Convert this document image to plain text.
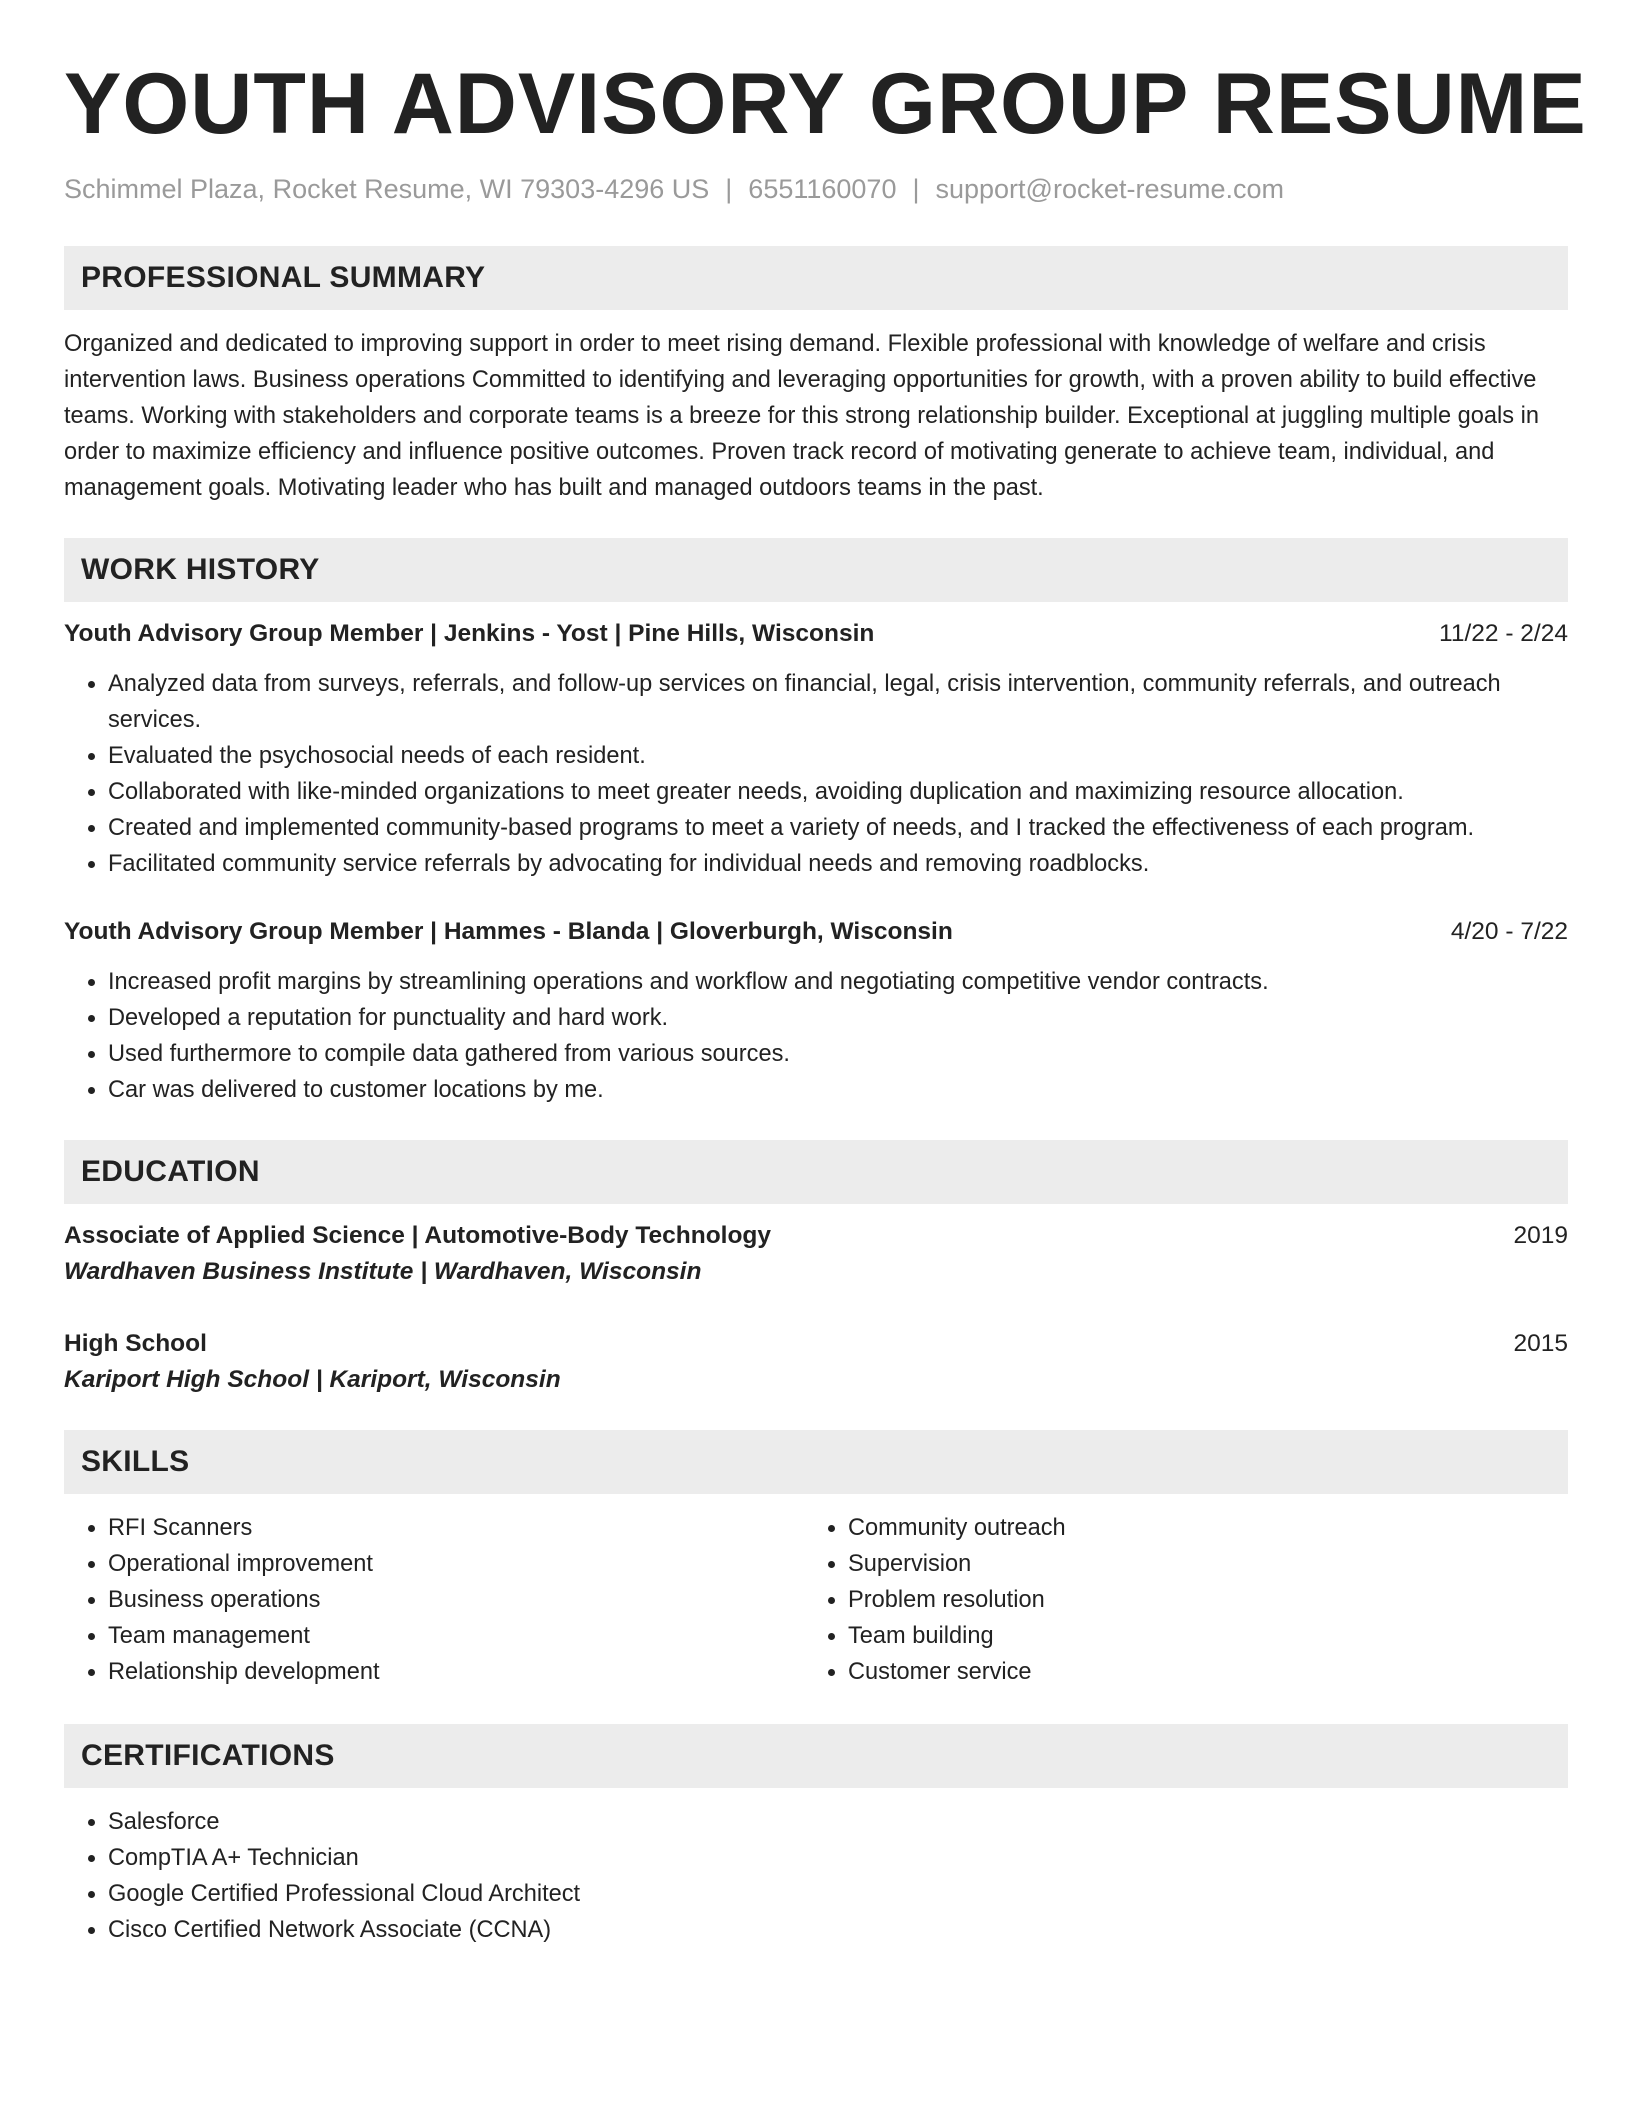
YOUTH ADVISORY GROUP RESUME
Schimmel Plaza, Rocket Resume, WI 79303-4296 US | 6551160070 | support@rocket-resume.com
PROFESSIONAL SUMMARY

Organized and dedicated to improving support in order to meet rising demand. Flexible professional with knowledge of welfare and crisis intervention laws. Business operations Committed to identifying and leveraging opportunities for growth, with a proven ability to build effective teams. Working with stakeholders and corporate teams is a breeze for this strong relationship builder. Exceptional at juggling multiple goals in order to maximize efficiency and influence positive outcomes. Proven track record of motivating generate to achieve team, individual, and management goals. Motivating leader who has built and managed outdoors teams in the past.

WORK HISTORY
Youth Advisory Group Member | Jenkins - Yost | Pine Hills, Wisconsin	11/22 - 2/24
• Analyzed data from surveys, referrals, and follow-up services on financial, legal, crisis intervention, community referrals, and outreach services.
• Evaluated the psychosocial needs of each resident.
• Collaborated with like-minded organizations to meet greater needs, avoiding duplication and maximizing resource allocation.
• Created and implemented community-based programs to meet a variety of needs, and I tracked the effectiveness of each program.
• Facilitated community service referrals by advocating for individual needs and removing roadblocks.
Youth Advisory Group Member | Hammes - Blanda | Gloverburgh, Wisconsin	4/20 - 7/22
• Increased profit margins by streamlining operations and workflow and negotiating competitive vendor contracts.
• Developed a reputation for punctuality and hard work.
• Used furthermore to compile data gathered from various sources.
• Car was delivered to customer locations by me.
EDUCATION
Associate of Applied Science | Automotive-Body Technology	2019
Wardhaven Business Institute | Wardhaven, Wisconsin
High School	2015
Kariport High School | Kariport, Wisconsin
SKILLS
• RFI Scanners
• Operational improvement
• Business operations
• Team management
• Relationship development
• Community outreach
• Supervision
• Problem resolution
• Team building
• Customer service
CERTIFICATIONS
• Salesforce
• CompTIA A+ Technician
• Google Certified Professional Cloud Architect
• Cisco Certified Network Associate (CCNA)
